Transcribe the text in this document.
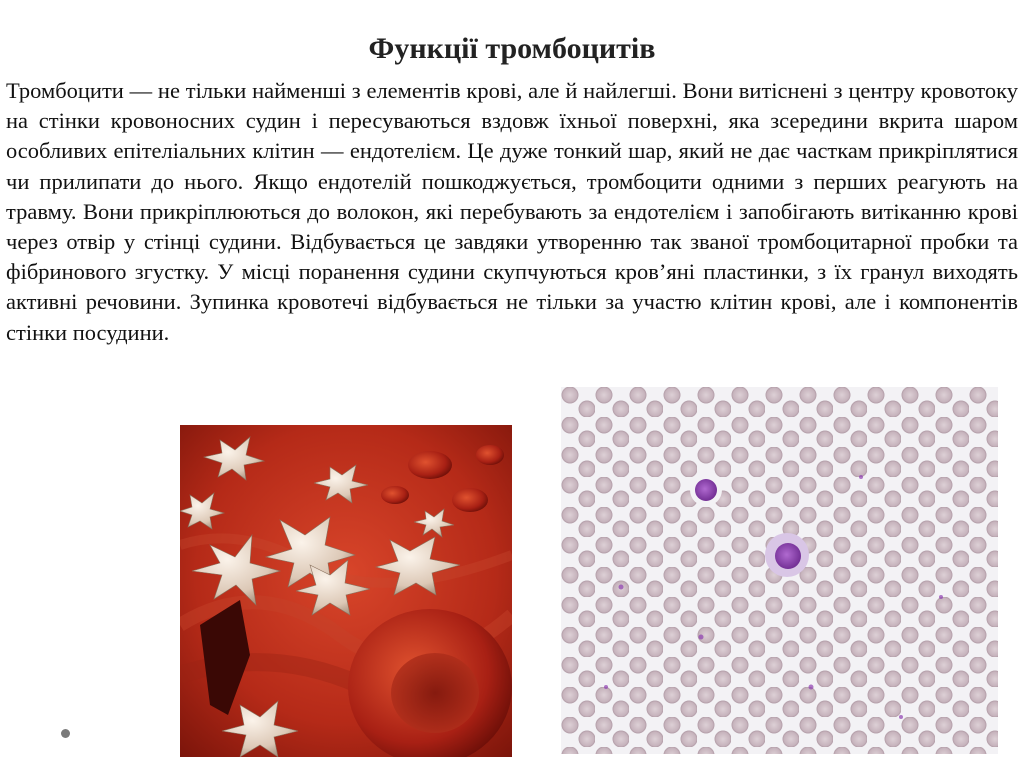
Функції тромбоцитів
Тромбоцити — не тільки найменші з елементів крові, але й найлегші. Вони витіснені з центру кровотоку на стінки кровоносних судин і пересуваються вздовж їхньої поверхні, яка зсередини вкрита шаром особливих епітеліальних клітин — ендотелієм. Це дуже тонкий шар, який не дає часткам прикріплятися чи прилипати до нього. Якщо ендотелій пошкоджується, тромбоцити одними з перших реагують на травму. Вони прикріплюються до волокон, які перебувають за ендотелієм і запобігають витіканню крові через отвір у стінці судини. Відбувається це завдяки утворенню так званої тромбоцитарної пробки та фібринового згустку. У місці поранення судини скупчуються кров’яні пластинки, з їх гранул виходять активні речовини. Зупинка кровотечі відбувається не тільки за участю клітин крові, але і компонентів стінки посудини.
